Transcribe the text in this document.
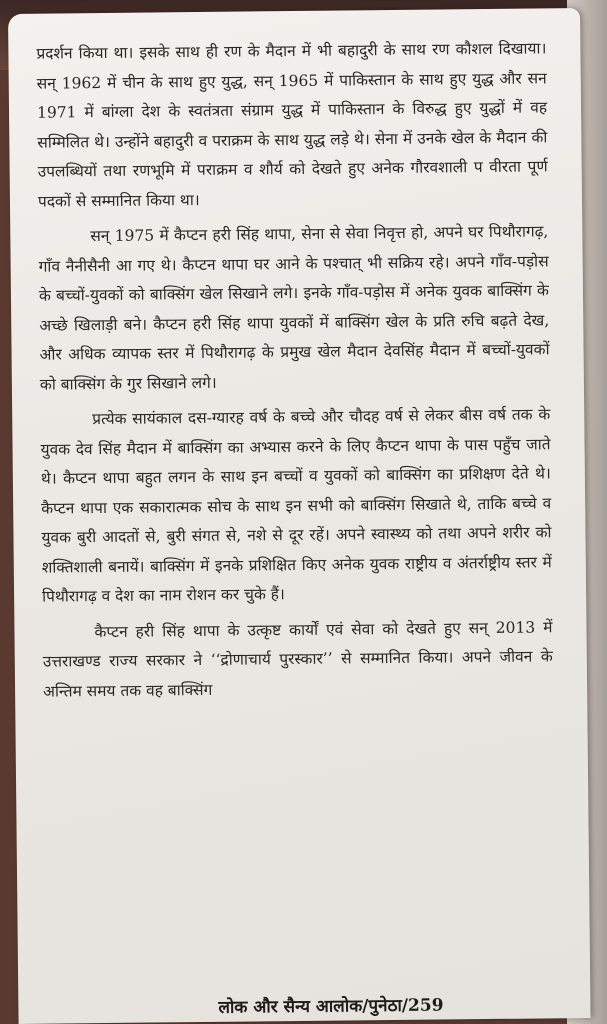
प्रदर्शन किया था। इसके साथ ही रण के मैदान में भी बहादुरी के साथ रण कौशल दिखाया। सन् 1962 में चीन के साथ हुए युद्ध, सन् 1965 में पाकिस्तान के साथ हुए युद्ध और सन 1971 में बांग्ला देश के स्वतंत्रता संग्राम युद्ध में पाकिस्तान के विरुद्ध हुए युद्धों में वह सम्मिलित थे। उन्होंने बहादुरी व पराक्रम के साथ युद्ध लड़े थे। सेना में उनके खेल के मैदान की उपलब्धियों तथा रणभूमि में पराक्रम व शौर्य को देखते हुए अनेक गौरवशाली प वीरता पूर्ण पदकों से सम्मानित किया था।

सन् 1975 में कैप्टन हरी सिंह थापा, सेना से सेवा निवृत्त हो, अपने घर पिथौरागढ़, गाँव नैनीसैनी आ गए थे। कैप्टन थापा घर आने के पश्चात् भी सक्रिय रहे। अपने गाँव-पड़ोस के बच्चों-युवकों को बाक्सिंग खेल सिखाने लगे। इनके गाँव-पड़ोस में अनेक युवक बाक्सिंग के अच्छे खिलाड़ी बने। कैप्टन हरी सिंह थापा युवकों में बाक्सिंग खेल के प्रति रुचि बढ़ते देख, और अधिक व्यापक स्तर में पिथौरागढ़ के प्रमुख खेल मैदान देवसिंह मैदान में बच्चों-युवकों को बाक्सिंग के गुर सिखाने लगे।

प्रत्येक सायंकाल दस-ग्यारह वर्ष के बच्चे और चौदह वर्ष से लेकर बीस वर्ष तक के युवक देव सिंह मैदान में बाक्सिंग का अभ्यास करने के लिए कैप्टन थापा के पास पहुँच जाते थे। कैप्टन थापा बहुत लगन के साथ इन बच्चों व युवकों को बाक्सिंग का प्रशिक्षण देते थे। कैप्टन थापा एक सकारात्मक सोच के साथ इन सभी को बाक्सिंग सिखाते थे, ताकि बच्चे व युवक बुरी आदतों से, बुरी संगत से, नशे से दूर रहें। अपने स्वास्थ्य को तथा अपने शरीर को शक्तिशाली बनायें। बाक्सिंग में इनके प्रशिक्षित किए अनेक युवक राष्ट्रीय व अंतर्राष्ट्रीय स्तर में पिथौरागढ़ व देश का नाम रोशन कर चुके हैं।

कैप्टन हरी सिंह थापा के उत्कृष्ट कार्यों एवं सेवा को देखते हुए सन् 2013 में उत्तराखण्ड राज्य सरकार ने ‘‘द्रोणाचार्य पुरस्कार’’ से सम्मानित किया। अपने जीवन के अन्तिम समय तक वह बाक्सिंग

लोक और सैन्य आलोक/पुनेठा/259
